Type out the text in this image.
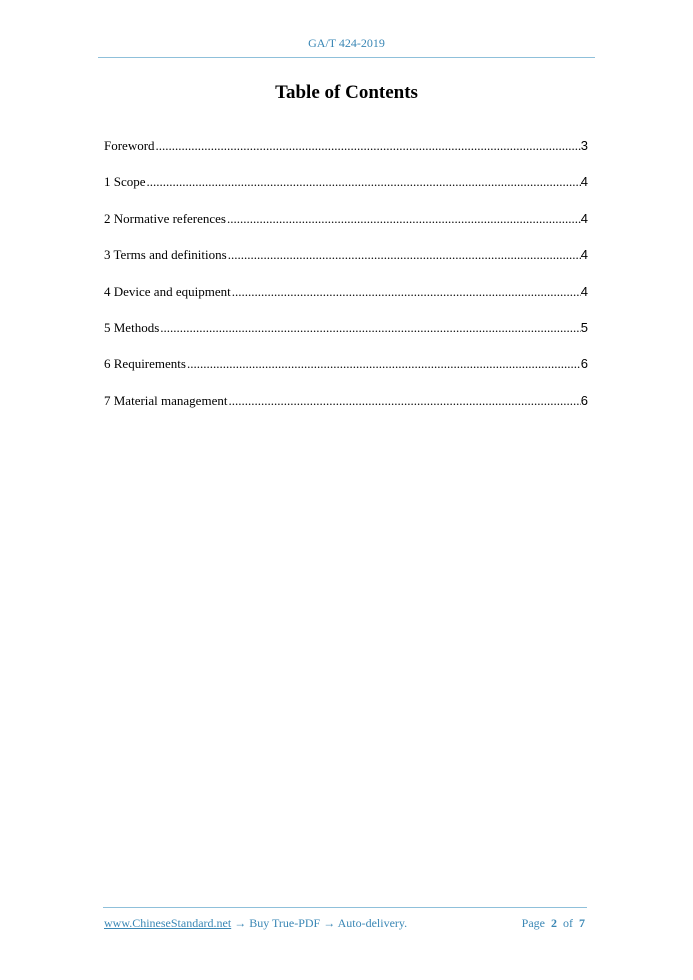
GA/T 424-2019
Table of Contents
Foreword .....	3
1 Scope .....	4
2 Normative references .....	4
3 Terms and definitions .....	4
4 Device and equipment .....	4
5 Methods .....	5
6 Requirements .....	6
7 Material management .....	6
www.ChineseStandard.net → Buy True-PDF → Auto-delivery.	Page 2 of 7
